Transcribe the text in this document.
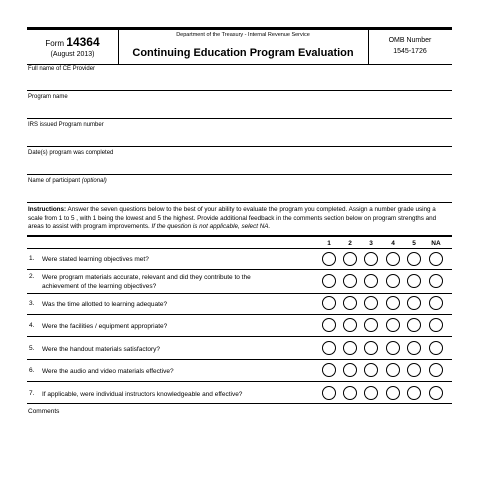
Form 14364
(August 2013)
Department of the Treasury - Internal Revenue Service
Continuing Education Program Evaluation
OMB Number
1545-1726
Full name of CE Provider
Program name
IRS issued Program number
Date(s) program was completed
Name of participant (optional)
Instructions: Answer the seven questions below to the best of your ability to evaluate the program you completed. Assign a number grade using a scale from 1 to 5 , with 1 being the lowest and 5 the highest. Provide additional feedback in the comments section below on program strengths and areas to assist with program improvements. If the question is not applicable, select NA.
1	2	3	4	5	NA
1. Were stated learning objectives met?
2. Were program materials accurate, relevant and did they contribute to the achievement of the learning objectives?
3. Was the time allotted to learning adequate?
4. Were the facilities / equipment appropriate?
5. Were the handout materials satisfactory?
6. Were the audio and video materials effective?
7. If applicable, were individual instructors knowledgeable and effective?
Comments
